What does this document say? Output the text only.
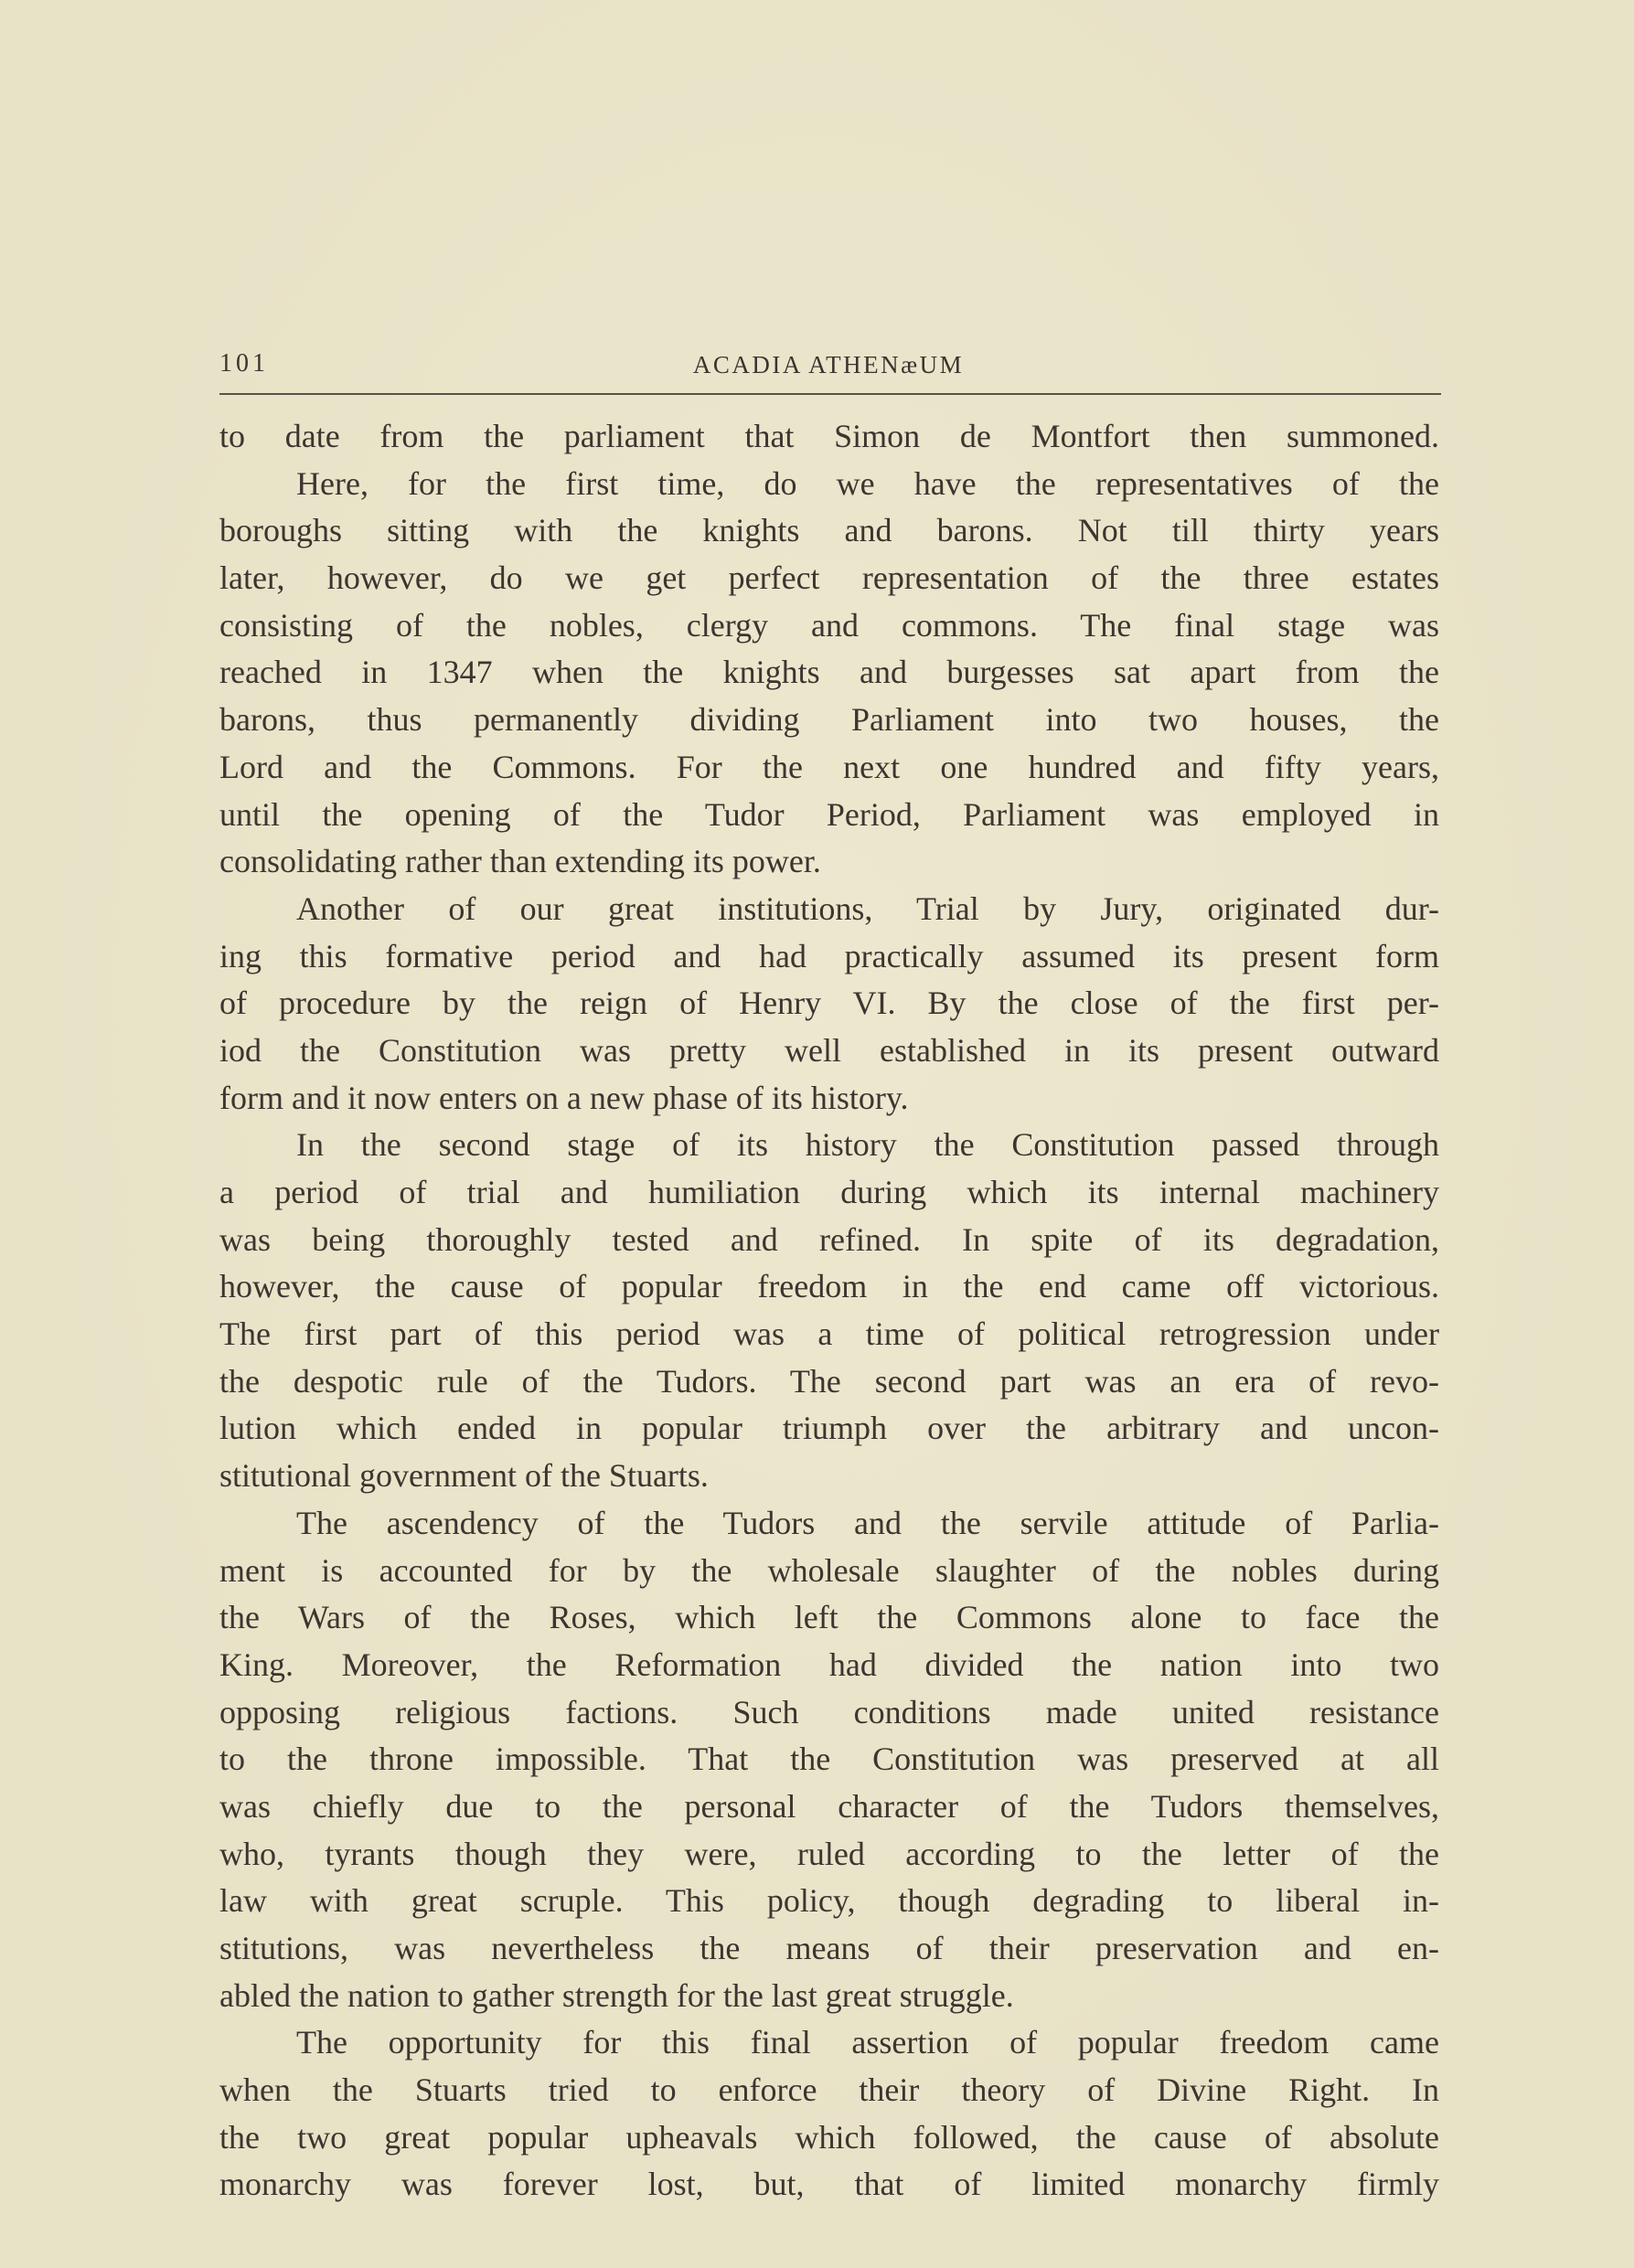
101	ACADIA ATHENæUM
to date from the parliament that Simon de Montfort then summoned.
Here, for the first time, do we have the representatives of the
boroughs sitting with the knights and barons. Not till thirty years
later, however, do we get perfect representation of the three estates
consisting of the nobles, clergy and commons. The final stage was
reached in 1347 when the knights and burgesses sat apart from the
barons, thus permanently dividing Parliament into two houses, the
Lord and the Commons. For the next one hundred and fifty years,
until the opening of the Tudor Period, Parliament was employed in
consolidating rather than extending its power.
Another of our great institutions, Trial by Jury, originated dur-
ing this formative period and had practically assumed its present form
of procedure by the reign of Henry VI. By the close of the first per-
iod the Constitution was pretty well established in its present outward
form and it now enters on a new phase of its history.
In the second stage of its history the Constitution passed through
a period of trial and humiliation during which its internal machinery
was being thoroughly tested and refined. In spite of its degradation,
however, the cause of popular freedom in the end came off victorious.
The first part of this period was a time of political retrogression under
the despotic rule of the Tudors. The second part was an era of revo-
lution which ended in popular triumph over the arbitrary and uncon-
stitutional government of the Stuarts.
The ascendency of the Tudors and the servile attitude of Parlia-
ment is accounted for by the wholesale slaughter of the nobles during
the Wars of the Roses, which left the Commons alone to face the
King. Moreover, the Reformation had divided the nation into two
opposing religious factions. Such conditions made united resistance
to the throne impossible. That the Constitution was preserved at all
was chiefly due to the personal character of the Tudors themselves,
who, tyrants though they were, ruled according to the letter of the
law with great scruple. This policy, though degrading to liberal in-
stitutions, was nevertheless the means of their preservation and en-
abled the nation to gather strength for the last great struggle.
The opportunity for this final assertion of popular freedom came
when the Stuarts tried to enforce their theory of Divine Right. In
the two great popular upheavals which followed, the cause of absolute
monarchy was forever lost, but, that of limited monarchy firmly
